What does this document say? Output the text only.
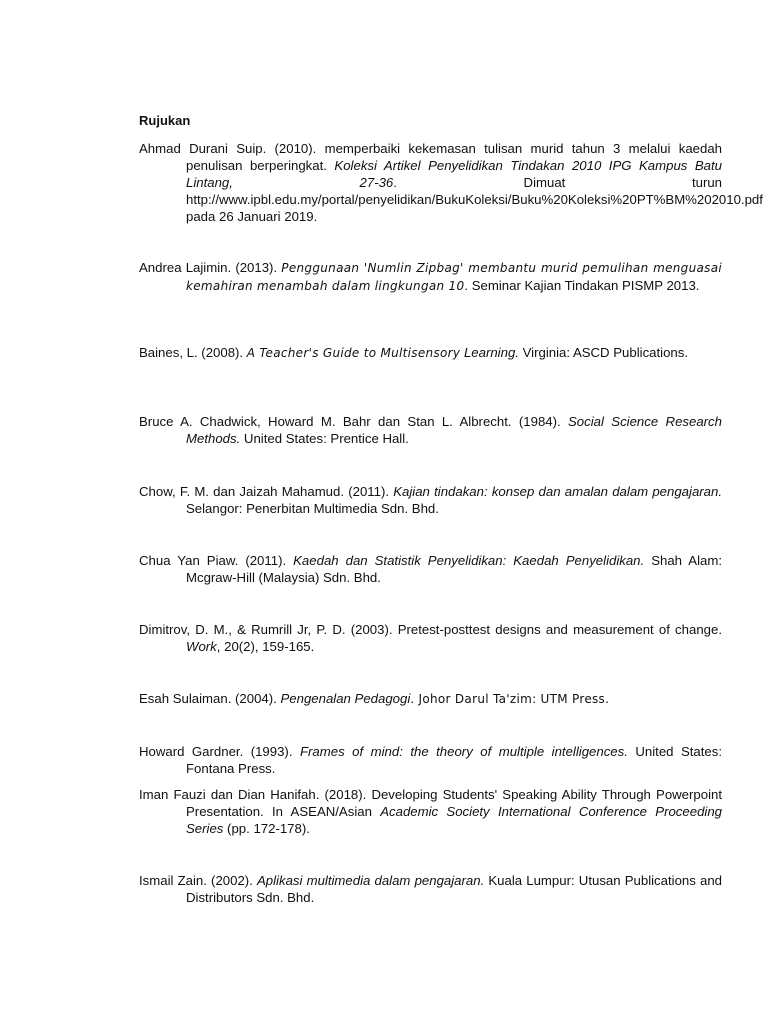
Rujukan

Ahmad Durani Suip. (2010). memperbaiki kekemasan tulisan murid tahun 3 melalui kaedah penulisan berperingkat. Koleksi Artikel Penyelidikan Tindakan 2010 IPG Kampus Batu Lintang, 27-36. Dimuat turun http://www.ipbl.edu.my/portal/penyelidikan/BukuKoleksi/Buku%20Koleksi%20PT%BM%202010.pdf pada 26 Januari 2019.

Andrea Lajimin. (2013). Penggunaan 'Numlin Zipbag' membantu murid pemulihan menguasai kemahiran menambah dalam lingkungan 10. Seminar Kajian Tindakan PISMP 2013.

Baines, L. (2008). A Teacher's Guide to Multisensory Learning. Virginia: ASCD Publications.

Bruce A. Chadwick, Howard M. Bahr dan Stan L. Albrecht. (1984). Social Science Research Methods. United States: Prentice Hall.

Chow, F. M. dan Jaizah Mahamud. (2011). Kajian tindakan: konsep dan amalan dalam pengajaran. Selangor: Penerbitan Multimedia Sdn. Bhd.

Chua Yan Piaw. (2011). Kaedah dan Statistik Penyelidikan: Kaedah Penyelidikan. Shah Alam: Mcgraw-Hill (Malaysia) Sdn. Bhd.

Dimitrov, D. M., & Rumrill Jr, P. D. (2003). Pretest-posttest designs and measurement of change. Work, 20(2), 159-165.

Esah Sulaiman. (2004). Pengenalan Pedagogi. Johor Darul Ta'zim: UTM Press.

Howard Gardner. (1993). Frames of mind: the theory of multiple intelligences. United States: Fontana Press.

Iman Fauzi dan Dian Hanifah. (2018). Developing Students' Speaking Ability Through Powerpoint Presentation. In ASEAN/Asian Academic Society International Conference Proceeding Series (pp. 172-178).

Ismail Zain. (2002). Aplikasi multimedia dalam pengajaran. Kuala Lumpur: Utusan Publications and Distributors Sdn. Bhd.
